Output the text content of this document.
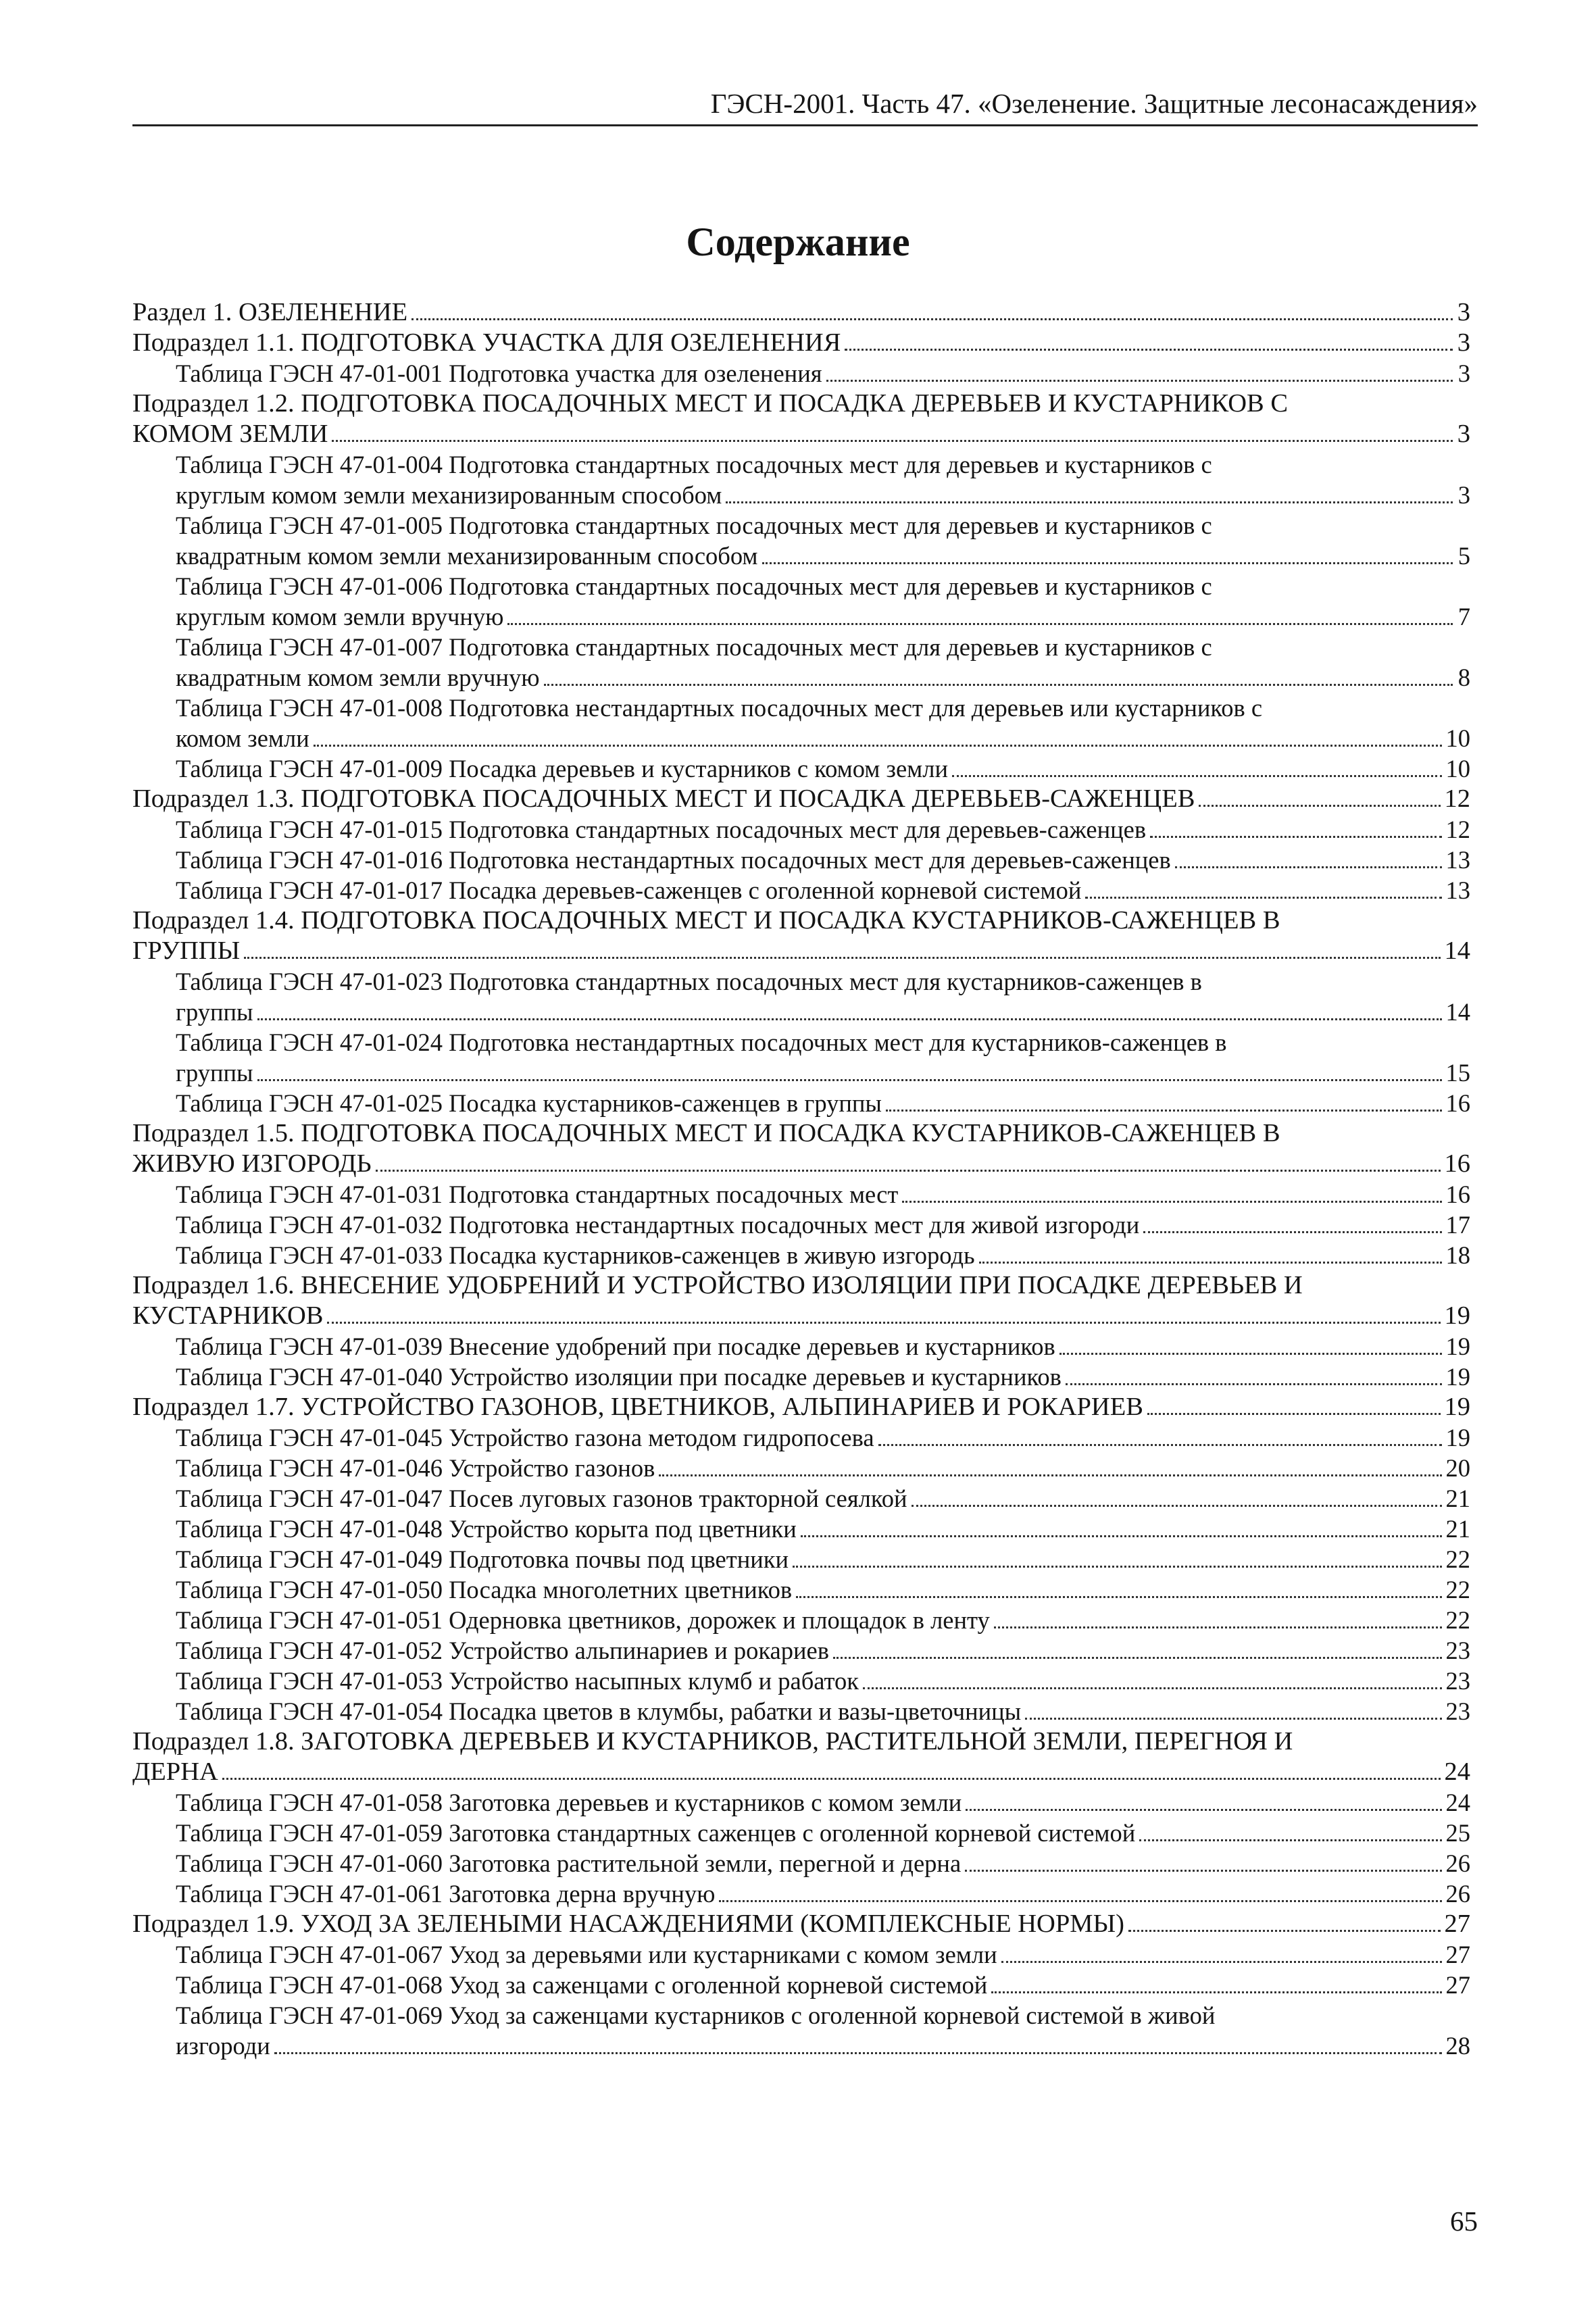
ГЭСН-2001. Часть 47. «Озеленение. Защитные лесонасаждения»
Содержание
Раздел 1. ОЗЕЛЕНЕНИЕ	3
Подраздел 1.1. ПОДГОТОВКА УЧАСТКА ДЛЯ ОЗЕЛЕНЕНИЯ	3
Таблица ГЭСН 47-01-001 Подготовка участка для озеленения	3
Подраздел 1.2. ПОДГОТОВКА ПОСАДОЧНЫХ МЕСТ И ПОСАДКА ДЕРЕВЬЕВ И КУСТАРНИКОВ С
КОМОМ ЗЕМЛИ	3
Таблица ГЭСН 47-01-004 Подготовка стандартных посадочных мест для деревьев и кустарников с
круглым комом земли механизированным способом	3
Таблица ГЭСН 47-01-005 Подготовка стандартных посадочных мест для деревьев и кустарников с
квадратным комом земли механизированным способом	5
Таблица ГЭСН 47-01-006 Подготовка стандартных посадочных мест для деревьев и кустарников с
круглым комом земли вручную	7
Таблица ГЭСН 47-01-007 Подготовка стандартных посадочных мест для деревьев и кустарников с
квадратным комом земли вручную	8
Таблица ГЭСН 47-01-008 Подготовка нестандартных посадочных мест для деревьев или кустарников с
комом земли	10
Таблица ГЭСН 47-01-009 Посадка деревьев и кустарников с комом земли	10
Подраздел 1.3. ПОДГОТОВКА ПОСАДОЧНЫХ МЕСТ И ПОСАДКА ДЕРЕВЬЕВ-САЖЕНЦЕВ	12
Таблица ГЭСН 47-01-015 Подготовка стандартных посадочных мест для деревьев-саженцев	12
Таблица ГЭСН 47-01-016 Подготовка нестандартных посадочных мест для деревьев-саженцев	13
Таблица ГЭСН 47-01-017 Посадка деревьев-саженцев с оголенной корневой системой	13
Подраздел 1.4. ПОДГОТОВКА ПОСАДОЧНЫХ МЕСТ И ПОСАДКА КУСТАРНИКОВ-САЖЕНЦЕВ В
ГРУППЫ	14
Таблица ГЭСН 47-01-023 Подготовка стандартных посадочных мест для кустарников-саженцев в
группы	14
Таблица ГЭСН 47-01-024 Подготовка нестандартных посадочных мест для кустарников-саженцев в
группы	15
Таблица ГЭСН 47-01-025 Посадка кустарников-саженцев в группы	16
Подраздел 1.5. ПОДГОТОВКА ПОСАДОЧНЫХ МЕСТ И ПОСАДКА КУСТАРНИКОВ-САЖЕНЦЕВ В
ЖИВУЮ ИЗГОРОДЬ	16
Таблица ГЭСН 47-01-031 Подготовка стандартных посадочных мест	16
Таблица ГЭСН 47-01-032 Подготовка нестандартных посадочных мест для живой изгороди	17
Таблица ГЭСН 47-01-033 Посадка кустарников-саженцев в живую изгородь	18
Подраздел 1.6. ВНЕСЕНИЕ УДОБРЕНИЙ И УСТРОЙСТВО ИЗОЛЯЦИИ ПРИ ПОСАДКЕ ДЕРЕВЬЕВ И
КУСТАРНИКОВ	19
Таблица ГЭСН 47-01-039 Внесение удобрений при посадке деревьев и кустарников	19
Таблица ГЭСН 47-01-040 Устройство изоляции при посадке деревьев и кустарников	19
Подраздел 1.7. УСТРОЙСТВО ГАЗОНОВ, ЦВЕТНИКОВ, АЛЬПИНАРИЕВ И РОКАРИЕВ	19
Таблица ГЭСН 47-01-045 Устройство газона методом гидропосева	19
Таблица ГЭСН 47-01-046 Устройство газонов	20
Таблица ГЭСН 47-01-047 Посев луговых газонов тракторной сеялкой	21
Таблица ГЭСН 47-01-048 Устройство корыта под цветники	21
Таблица ГЭСН 47-01-049 Подготовка почвы под цветники	22
Таблица ГЭСН 47-01-050 Посадка многолетних цветников	22
Таблица ГЭСН 47-01-051 Одерновка цветников, дорожек и площадок в ленту	22
Таблица ГЭСН 47-01-052 Устройство альпинариев и рокариев	23
Таблица ГЭСН 47-01-053 Устройство насыпных клумб и рабаток	23
Таблица ГЭСН 47-01-054 Посадка цветов в клумбы, рабатки и вазы-цветочницы	23
Подраздел 1.8. ЗАГОТОВКА ДЕРЕВЬЕВ И КУСТАРНИКОВ, РАСТИТЕЛЬНОЙ ЗЕМЛИ, ПЕРЕГНОЯ И
ДЕРНА	24
Таблица ГЭСН 47-01-058 Заготовка деревьев и кустарников с комом земли	24
Таблица ГЭСН 47-01-059 Заготовка стандартных саженцев с оголенной корневой системой	25
Таблица ГЭСН 47-01-060 Заготовка растительной земли, перегной и дерна	26
Таблица ГЭСН 47-01-061 Заготовка дерна вручную	26
Подраздел 1.9. УХОД ЗА ЗЕЛЕНЫМИ НАСАЖДЕНИЯМИ (КОМПЛЕКСНЫЕ НОРМЫ)	27
Таблица ГЭСН 47-01-067 Уход за деревьями или кустарниками с комом земли	27
Таблица ГЭСН 47-01-068 Уход за саженцами с оголенной корневой системой	27
Таблица ГЭСН 47-01-069 Уход за саженцами кустарников с оголенной корневой системой в живой
изгороди	28
65
